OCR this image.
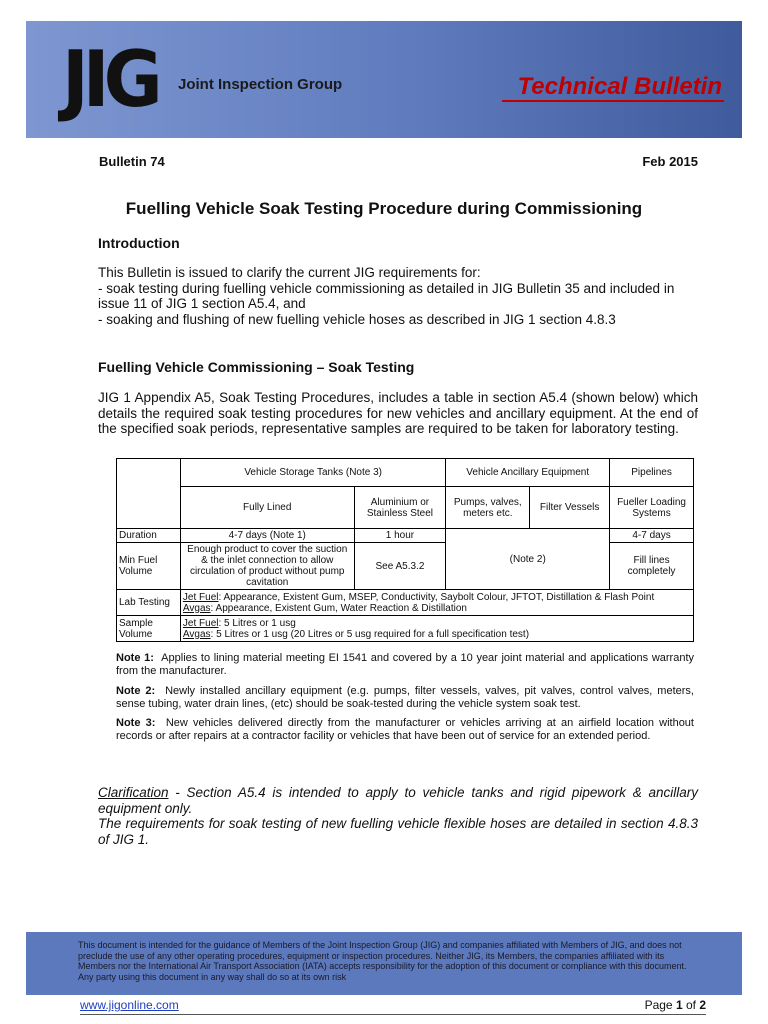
JIG Joint Inspection Group	Technical Bulletin
Bulletin 74	Feb 2015
Fuelling Vehicle Soak Testing Procedure during Commissioning
Introduction
This Bulletin is issued to clarify the current JIG requirements for:
- soak testing during fuelling vehicle commissioning as detailed in JIG Bulletin 35 and included in issue 11 of JIG 1 section A5.4, and
- soaking and flushing of new fuelling vehicle hoses as described in JIG 1 section 4.8.3
Fuelling Vehicle Commissioning – Soak Testing
JIG 1 Appendix A5, Soak Testing Procedures, includes a table in section A5.4 (shown below) which details the required soak testing procedures for new vehicles and ancillary equipment. At the end of the specified soak periods, representative samples are required to be taken for laboratory testing.
	Vehicle Storage Tanks (Note 3)		Vehicle Ancillary Equipment		Pipelines
	Fully Lined	Aluminium or Stainless Steel	Pumps, valves, meters etc.	Filter Vessels	Fueller Loading Systems
Duration	4-7 days (Note 1)	1 hour	(Note 2)		4-7 days
Min Fuel Volume	Enough product to cover the suction & the inlet connection to allow circulation of product without pump cavitation	See A5.3.2			Fill lines completely
Lab Testing	Jet Fuel: Appearance, Existent Gum, MSEP, Conductivity, Saybolt Colour, JFTOT, Distillation & Flash Point
Avgas: Appearance, Existent Gum, Water Reaction & Distillation				

Sample Volume	Jet Fuel: 5 Litres or 1 usg
Avgas: 5 Litres or 1 usg (20 Litres or 5 usg required for a full specification test)				
Note 1: Applies to lining material meeting EI 1541 and covered by a 10 year joint material and applications warranty from the manufacturer.
Note 2: Newly installed ancillary equipment (e.g. pumps, filter vessels, valves, pit valves, control valves, meters, sense tubing, water drain lines, (etc) should be soak-tested during the vehicle system soak test.
Note 3: New vehicles delivered directly from the manufacturer or vehicles arriving at an airfield location without records or after repairs at a contractor facility or vehicles that have been out of service for an extended period.
Clarification - Section A5.4 is intended to apply to vehicle tanks and rigid pipework & ancillary equipment only.
The requirements for soak testing of new fuelling vehicle flexible hoses are detailed in section 4.8.3 of JIG 1.
This document is intended for the guidance of Members of the Joint Inspection Group (JIG) and companies affiliated with Members of JIG, and does not preclude the use of any other operating procedures, equipment or inspection procedures. Neither JIG, its Members, the companies affiliated with its Members nor the International Air Transport Association (IATA) accepts responsibility for the adoption of this document or compliance with this document. Any party using this document in any way shall do so at its own risk
www.jigonline.com	Page 1 of 2
